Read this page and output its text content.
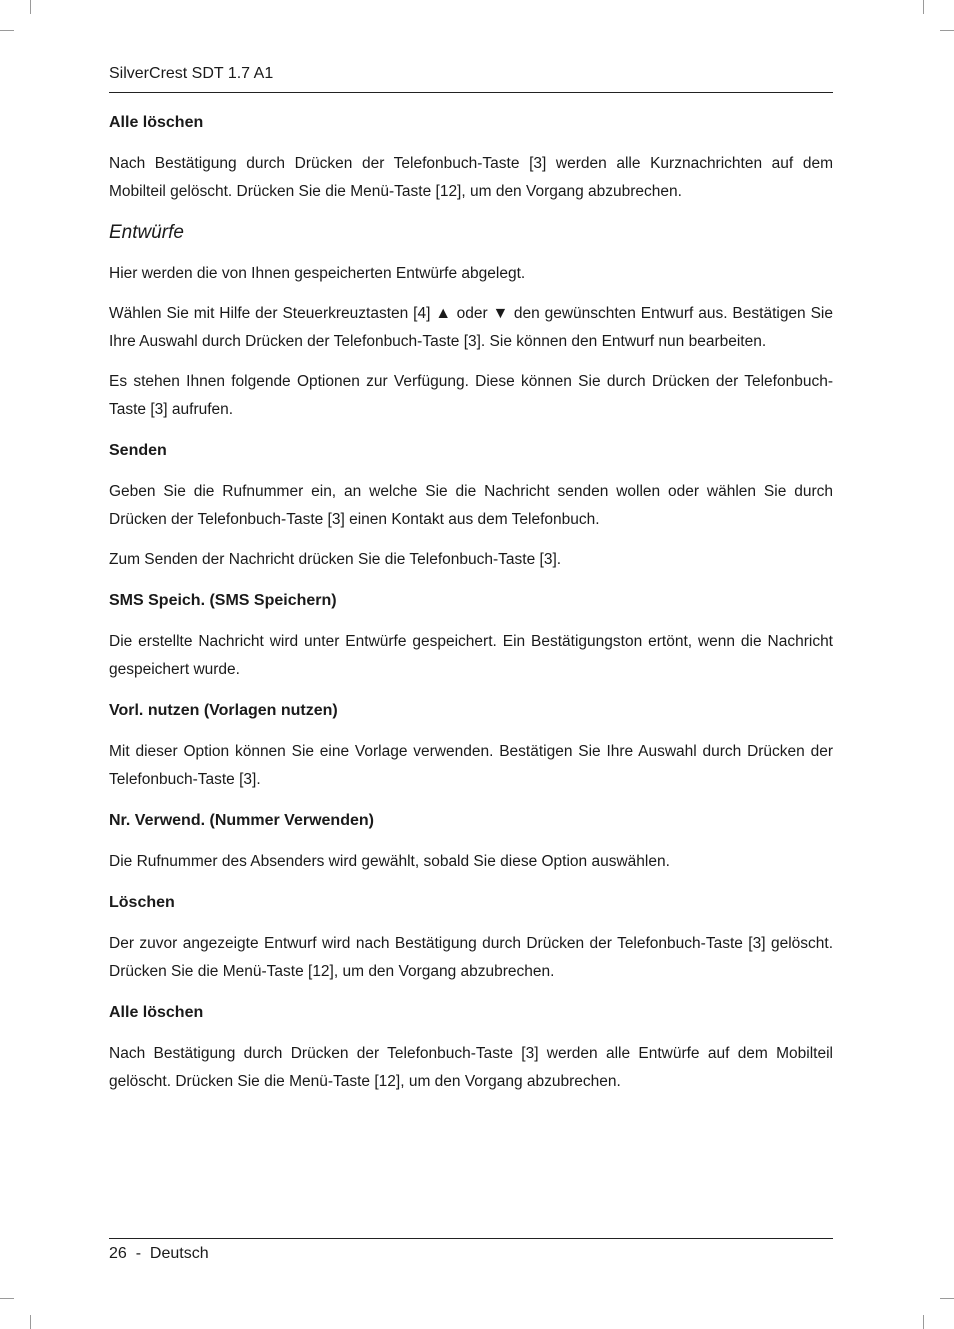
SilverCrest SDT 1.7 A1
Alle löschen

Nach Bestätigung durch Drücken der Telefonbuch-Taste [3] werden alle Kurznachrichten auf dem Mobilteil gelöscht. Drücken Sie die Menü-Taste [12], um den Vorgang abzubrechen.

Entwürfe

Hier werden die von Ihnen gespeicherten Entwürfe abgelegt.

Wählen Sie mit Hilfe der Steuerkreuztasten [4] ▲ oder ▼ den gewünschten Entwurf aus. Bestätigen Sie Ihre Auswahl durch Drücken der Telefonbuch-Taste [3]. Sie können den Entwurf nun bearbeiten.

Es stehen Ihnen folgende Optionen zur Verfügung. Diese können Sie durch Drücken der Telefonbuch-Taste [3] aufrufen.

Senden

Geben Sie die Rufnummer ein, an welche Sie die Nachricht senden wollen oder wählen Sie durch Drücken der Telefonbuch-Taste [3] einen Kontakt aus dem Telefonbuch.

Zum Senden der Nachricht drücken Sie die Telefonbuch-Taste [3].

SMS Speich. (SMS Speichern)

Die erstellte Nachricht wird unter Entwürfe gespeichert. Ein Bestätigungston ertönt, wenn die Nachricht gespeichert wurde.

Vorl. nutzen (Vorlagen nutzen)

Mit dieser Option können Sie eine Vorlage verwenden. Bestätigen Sie Ihre Auswahl durch Drücken der Telefonbuch-Taste [3].

Nr. Verwend. (Nummer Verwenden)

Die Rufnummer des Absenders wird gewählt, sobald Sie diese Option auswählen.

Löschen

Der zuvor angezeigte Entwurf wird nach Bestätigung durch Drücken der Telefonbuch-Taste [3] gelöscht. Drücken Sie die Menü-Taste [12], um den Vorgang abzubrechen.

Alle löschen

Nach Bestätigung durch Drücken der Telefonbuch-Taste [3] werden alle Entwürfe auf dem Mobilteil gelöscht. Drücken Sie die Menü-Taste [12], um den Vorgang abzubrechen.

26 - Deutsch
